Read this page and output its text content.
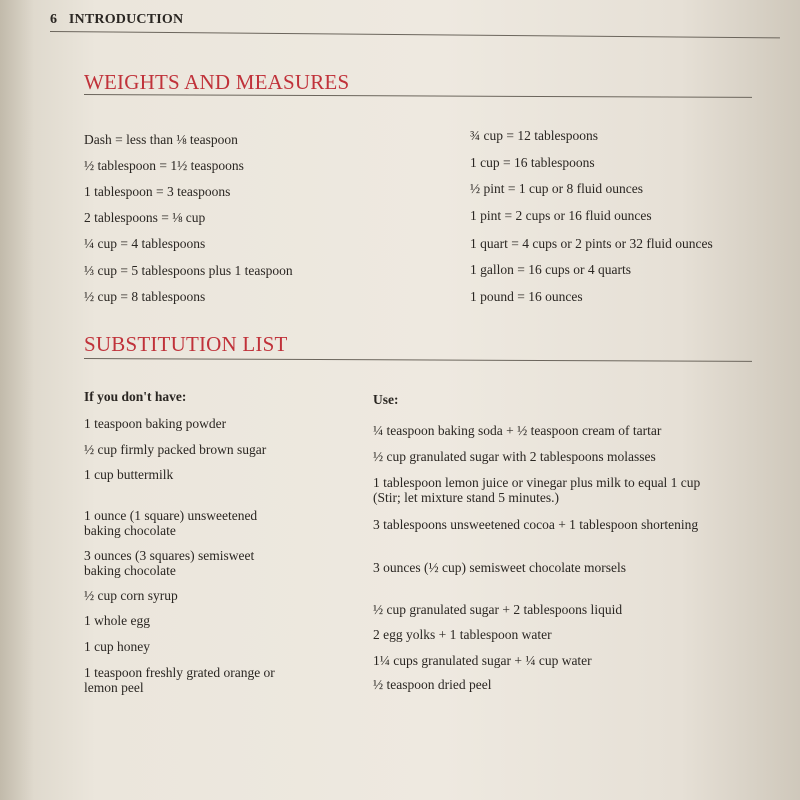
6 INTRODUCTION
WEIGHTS AND MEASURES
Dash = less than ⅛ teaspoon
½ tablespoon = 1½ teaspoons
1 tablespoon = 3 teaspoons
2 tablespoons = ⅛ cup
¼ cup = 4 tablespoons
⅓ cup = 5 tablespoons plus 1 teaspoon
½ cup = 8 tablespoons
¾ cup = 12 tablespoons
1 cup = 16 tablespoons
½ pint = 1 cup or 8 fluid ounces
1 pint = 2 cups or 16 fluid ounces
1 quart = 4 cups or 2 pints or 32 fluid ounces
1 gallon = 16 cups or 4 quarts
1 pound = 16 ounces
SUBSTITUTION LIST
If you don't have:	Use:
1 teaspoon baking powder
½ cup firmly packed brown sugar
1 cup buttermilk
1 ounce (1 square) unsweetened
baking chocolate
3 ounces (3 squares) semisweet
baking chocolate
½ cup corn syrup
1 whole egg
1 cup honey
1 teaspoon freshly grated orange or
lemon peel
¼ teaspoon baking soda + ½ teaspoon cream of tartar
½ cup granulated sugar with 2 tablespoons molasses
1 tablespoon lemon juice or vinegar plus milk to equal 1 cup
(Stir; let mixture stand 5 minutes.)
3 tablespoons unsweetened cocoa + 1 tablespoon shortening
3 ounces (½ cup) semisweet chocolate morsels
½ cup granulated sugar + 2 tablespoons liquid
2 egg yolks + 1 tablespoon water
1¼ cups granulated sugar + ¼ cup water
½ teaspoon dried peel
